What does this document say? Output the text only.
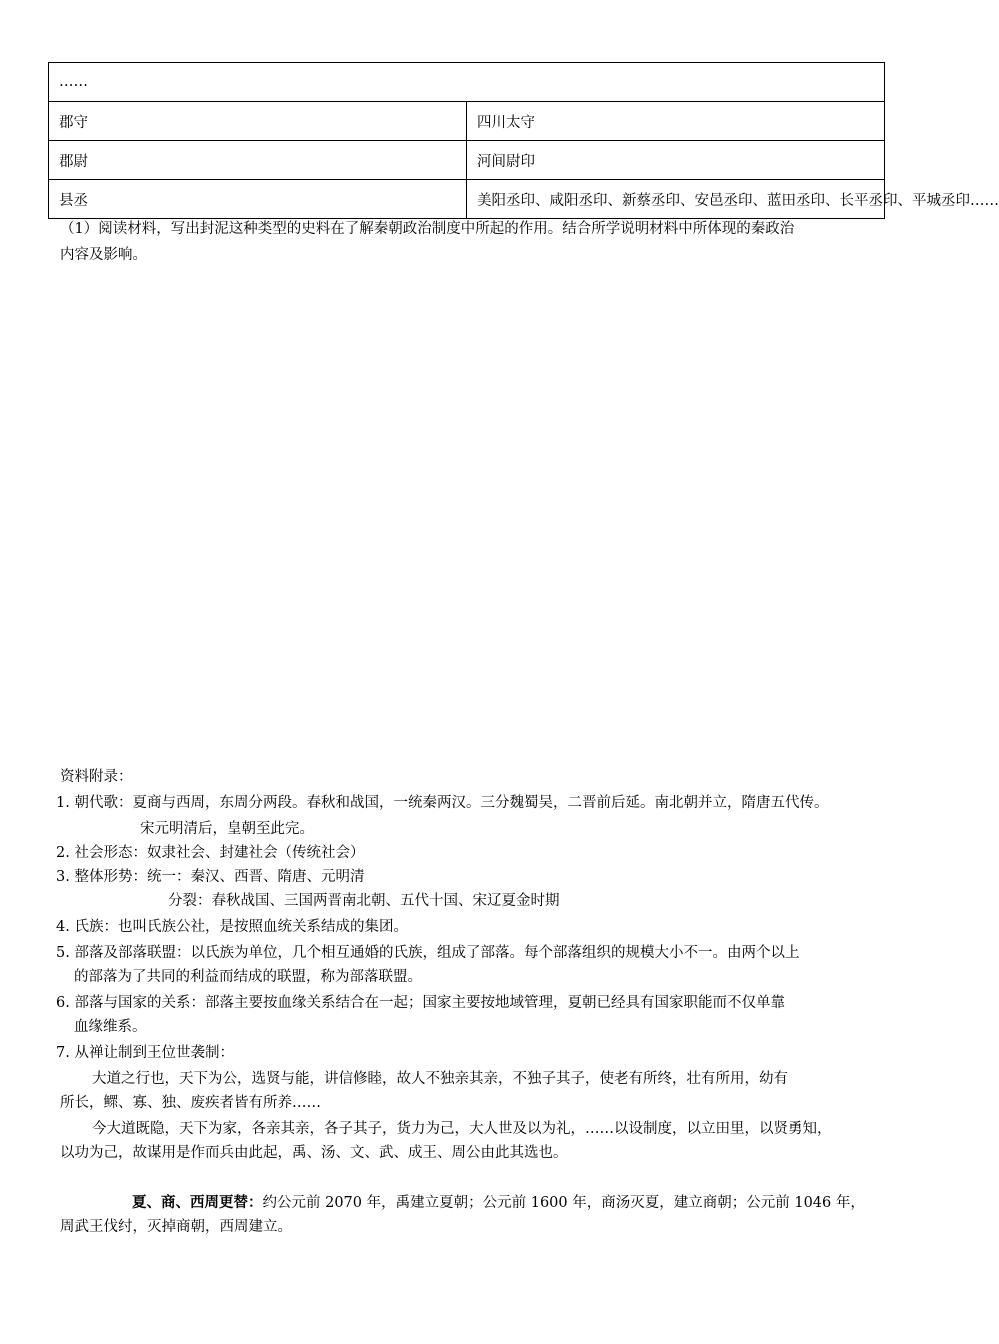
……	
郡守	四川太守
郡尉	河间尉印
县丞	美阳丞印、咸阳丞印、新蔡丞印、安邑丞印、蓝田丞印、长平丞印、平城丞印……
（1）阅读材料，写出封泥这种类型的史料在了解秦朝政治制度中所起的作用。结合所学说明材料中所体现的秦政治
内容及影响。
资料附录：
1. 朝代歌：夏商与西周，东周分两段。春秋和战国，一统秦两汉。三分魏蜀吴，二晋前后延。南北朝并立，隋唐五代传。
宋元明清后，皇朝至此完。
2. 社会形态：奴隶社会、封建社会（传统社会）
3. 整体形势：统一：秦汉、西晋、隋唐、元明清
分裂：春秋战国、三国两晋南北朝、五代十国、宋辽夏金时期
4. 氏族：也叫氏族公社，是按照血统关系结成的集团。
5. 部落及部落联盟：以氏族为单位，几个相互通婚的氏族，组成了部落。每个部落组织的规模大小不一。由两个以上
的部落为了共同的利益而结成的联盟，称为部落联盟。
6. 部落与国家的关系：部落主要按血缘关系结合在一起；国家主要按地域管理，夏朝已经具有国家职能而不仅单靠
血缘维系。
7. 从禅让制到王位世袭制：
大道之行也，天下为公，选贤与能，讲信修睦，故人不独亲其亲，不独子其子，使老有所终，壮有所用，幼有
所长，鳏、寡、独、废疾者皆有所养……
今大道既隐，天下为家，各亲其亲，各子其子，货力为己，大人世及以为礼，……以设制度，以立田里，以贤勇知，
以功为己，故谋用是作而兵由此起，禹、汤、文、武、成王、周公由此其选也。
夏、商、西周更替：约公元前 2070 年，禹建立夏朝；公元前 1600 年，商汤灭夏，建立商朝；公元前 1046 年，
周武王伐纣，灭掉商朝，西周建立。
